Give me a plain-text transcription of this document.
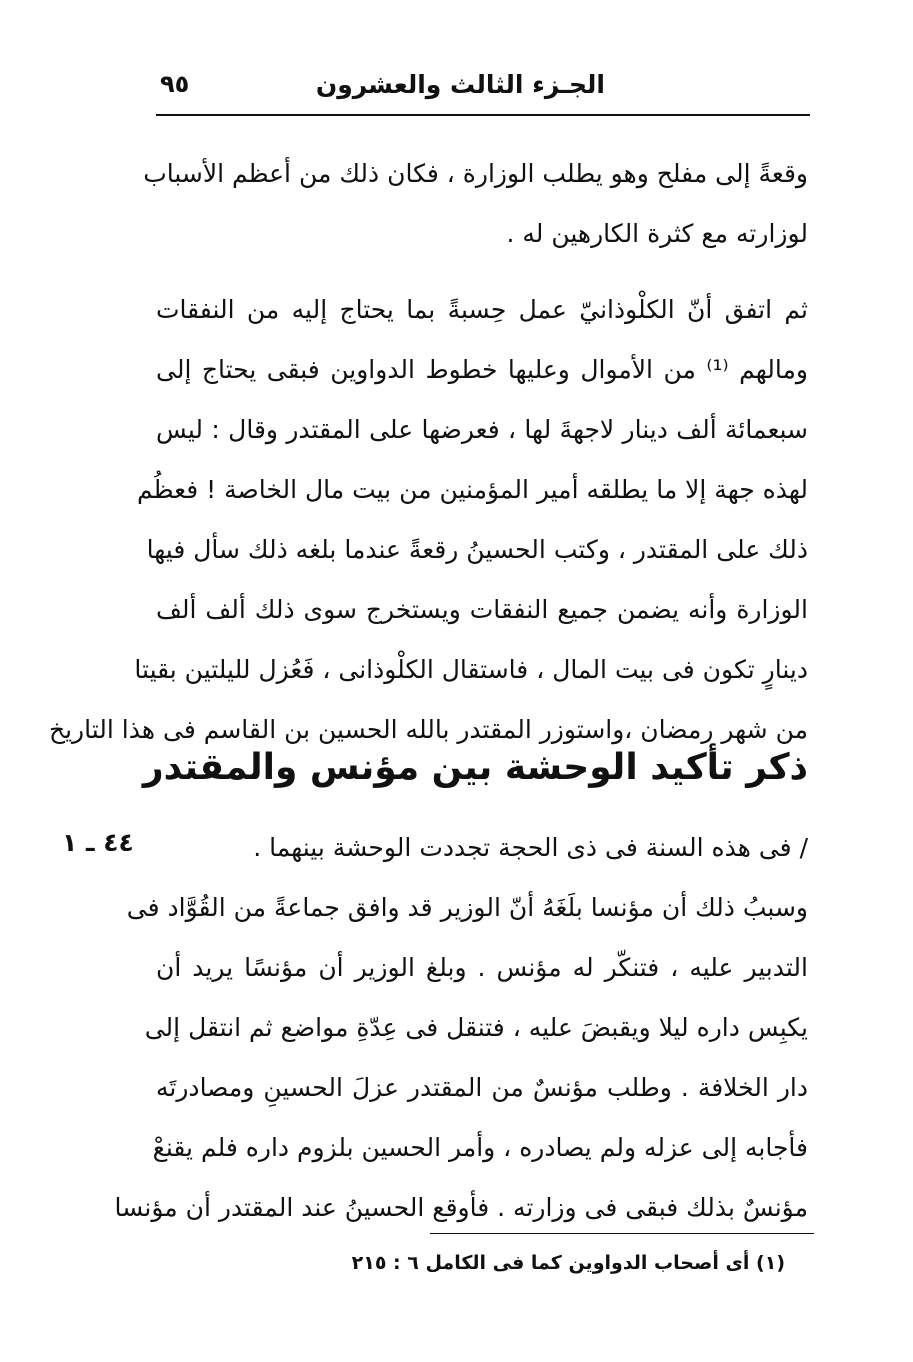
الجـزء الثالث والعشرون
٩٥
وقعةً إلى مفلح وهو يطلب الوزارة ، فكان ذلك من أعظم الأسباب
لوزارته مع كثرة الكارهين له .
ثم اتفق أنّ الكلْوذانيّ عمل حِسبةً بما يحتاج إليه من النفقات
ومالهم ⁽¹⁾ من الأموال وعليها خطوط الدواوين فبقى يحتاج إلى
سبعمائة ألف دينار لاجهةَ لها ، فعرضها على المقتدر وقال : ليس
لهذه جهة إلا ما يطلقه أمير المؤمنين من بيت مال الخاصة ! فعظُم
ذلك على المقتدر ، وكتب الحسينُ رقعةً عندما بلغه ذلك سأل فيها
الوزارة وأنه يضمن جميع النفقات ويستخرج سوى ذلك ألف ألف
دينارٍ تكون فى بيت المال ، فاستقال الكلْوذانى ، فَعُزل لليلتين بقيتا
من شهر رمضان ،واستوزر المقتدر بالله الحسين بن القاسم فى هذا التاريخ
ذكر تأكيد الوحشة بين مؤنس والمقتدر
٤٤ ـ ١	/ فى هذه السنة فى ذى الحجة تجددت الوحشة بينهما .
وسببُ ذلك أن مؤنسا بلَغَهُ أنّ الوزير قد وافق جماعةً من القُوَّاد فى
التدبير عليه ، فتنكّر له مؤنس . وبلغ الوزير أن مؤنسًا يريد أن
يكبِس داره ليلا ويقبضَ عليه ، فتنقل فى عِدّةِ مواضع ثم انتقل إلى
دار الخلافة . وطلب مؤنسٌ من المقتدر عزلَ الحسينِ ومصادرتَه
فأجابه إلى عزله ولم يصادره ، وأمر الحسين بلزوم داره فلم يقنعْ
مؤنسٌ بذلك فبقى فى وزارته . فأوقع الحسينُ عند المقتدر أن مؤنسا
(١) أى أصحاب الدواوين كما فى الكامل ٦ : ٢١٥
